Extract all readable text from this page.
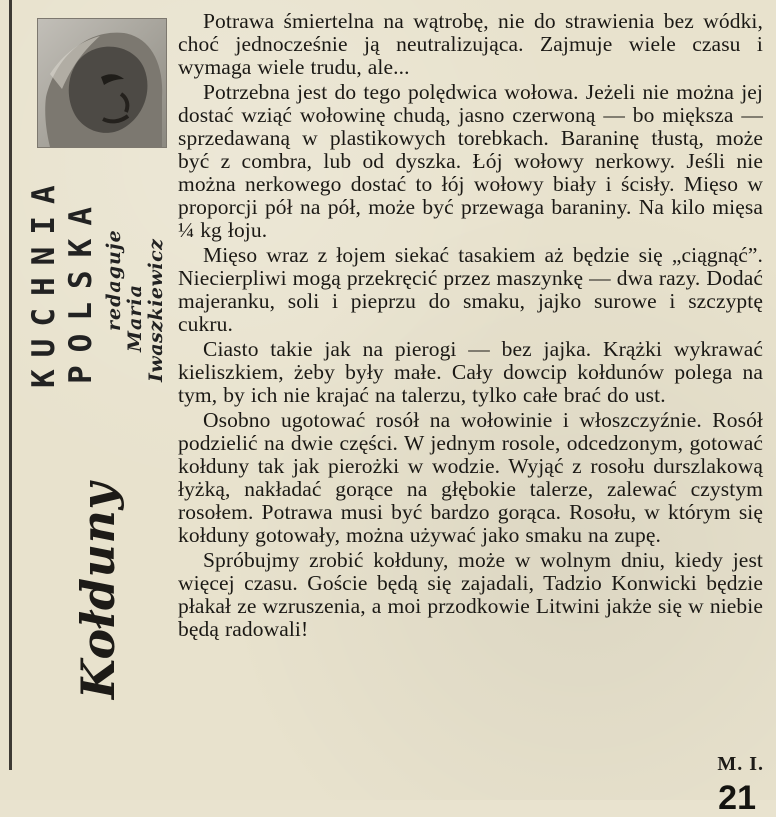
KUCHNIA POLSKA redaguje Maria Iwaszkiewicz
Kołduny

Potrawa śmiertelna na wątrobę, nie do strawienia bez wódki, choć jednocześnie ją neutralizująca. Zajmuje wiele czasu i wymaga wiele trudu, ale...

Potrzebna jest do tego polędwica wołowa. Jeżeli nie można jej dostać wziąć wołowinę chudą, jasno czerwoną — bo miększa — sprzedawaną w plastikowych torebkach. Baraninę tłustą, może być z combra, lub od dyszka. Łój wołowy nerkowy. Jeśli nie można nerkowego dostać to łój wołowy biały i ścisły. Mięso w proporcji pół na pół, może być przewaga baraniny. Na kilo mięsa ¼ kg łoju.

Mięso wraz z łojem siekać tasakiem aż będzie się „ciągnąć”. Niecierpliwi mogą przekręcić przez maszynkę — dwa razy. Dodać majeranku, soli i pieprzu do smaku, jajko surowe i szczyptę cukru.

Ciasto takie jak na pierogi — bez jajka. Krążki wykrawać kieliszkiem, żeby były małe. Cały dowcip kołdunów polega na tym, by ich nie krajać na talerzu, tylko całe brać do ust.

Osobno ugotować rosół na wołowinie i włoszczyźnie. Rosół podzielić na dwie części. W jednym rosole, odcedzonym, gotować kołduny tak jak pierożki w wodzie. Wyjąć z rosołu durszlakową łyżką, nakładać gorące na głębokie talerze, zalewać czystym rosołem. Potrawa musi być bardzo gorąca. Rosołu, w którym się kołduny gotowały, można używać jako smaku na zupę.

Spróbujmy zrobić kołduny, może w wolnym dniu, kiedy jest więcej czasu. Goście będą się zajadali, Tadzio Konwicki będzie płakał ze wzruszenia, a moi przodkowie Litwini jakże się w niebie będą radowali!

M. I.
21
